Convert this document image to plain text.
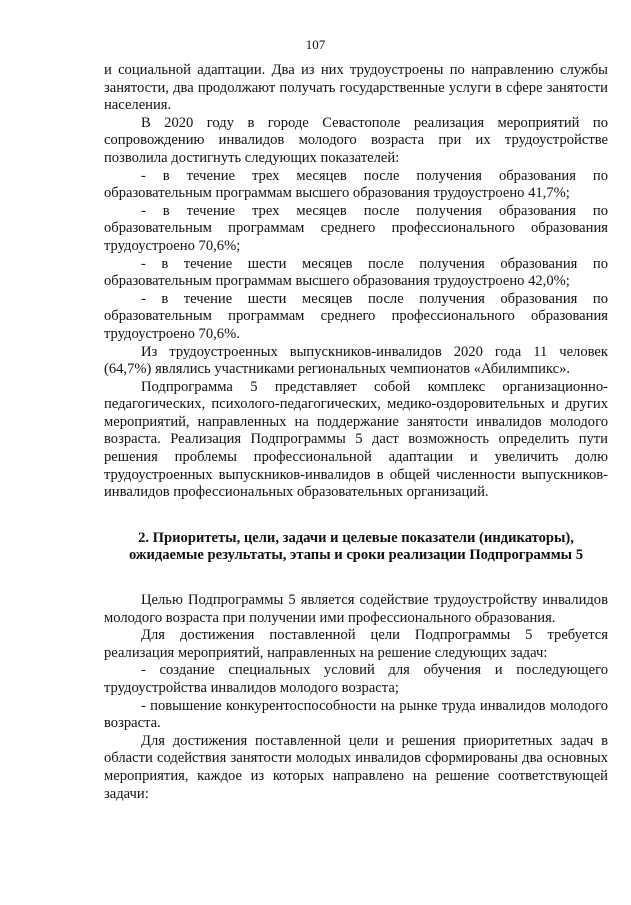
107

и социальной адаптации. Два из них трудоустроены по направлению службы занятости, два продолжают получать государственные услуги в сфере занятости населения.

В 2020 году в городе Севастополе реализация мероприятий по сопровождению инвалидов молодого возраста при их трудоустройстве позволила достигнуть следующих показателей:

- в течение трех месяцев после получения образования по образовательным программам высшего образования трудоустроено 41,7%;

- в течение трех месяцев после получения образования по образовательным программам среднего профессионального образования трудоустроено 70,6%;

- в течение шести месяцев после получения образования по образовательным программам высшего образования трудоустроено 42,0%;

- в течение шести месяцев после получения образования по образовательным программам среднего профессионального образования трудоустроено 70,6%.

Из трудоустроенных выпускников-инвалидов 2020 года 11 человек (64,7%) являлись участниками региональных чемпионатов «Абилимпикс».

Подпрограмма 5 представляет собой комплекс организационно-педагогических, психолого-педагогических, медико-оздоровительных и других мероприятий, направленных на поддержание занятости инвалидов молодого возраста. Реализация Подпрограммы 5 даст возможность определить пути решения проблемы профессиональной адаптации и увеличить долю трудоустроенных выпускников-инвалидов в общей численности выпускников-инвалидов профессиональных образовательных организаций.

2. Приоритеты, цели, задачи и целевые показатели (индикаторы), ожидаемые результаты, этапы и сроки реализации Подпрограммы 5

Целью Подпрограммы 5 является содействие трудоустройству инвалидов молодого возраста при получении ими профессионального образования.

Для достижения поставленной цели Подпрограммы 5 требуется реализация мероприятий, направленных на решение следующих задач:

- создание специальных условий для обучения и последующего трудоустройства инвалидов молодого возраста;

- повышение конкурентоспособности на рынке труда инвалидов молодого возраста.

Для достижения поставленной цели и решения приоритетных задач в области содействия занятости молодых инвалидов сформированы два основных мероприятия, каждое из которых направлено на решение соответствующей задачи:
